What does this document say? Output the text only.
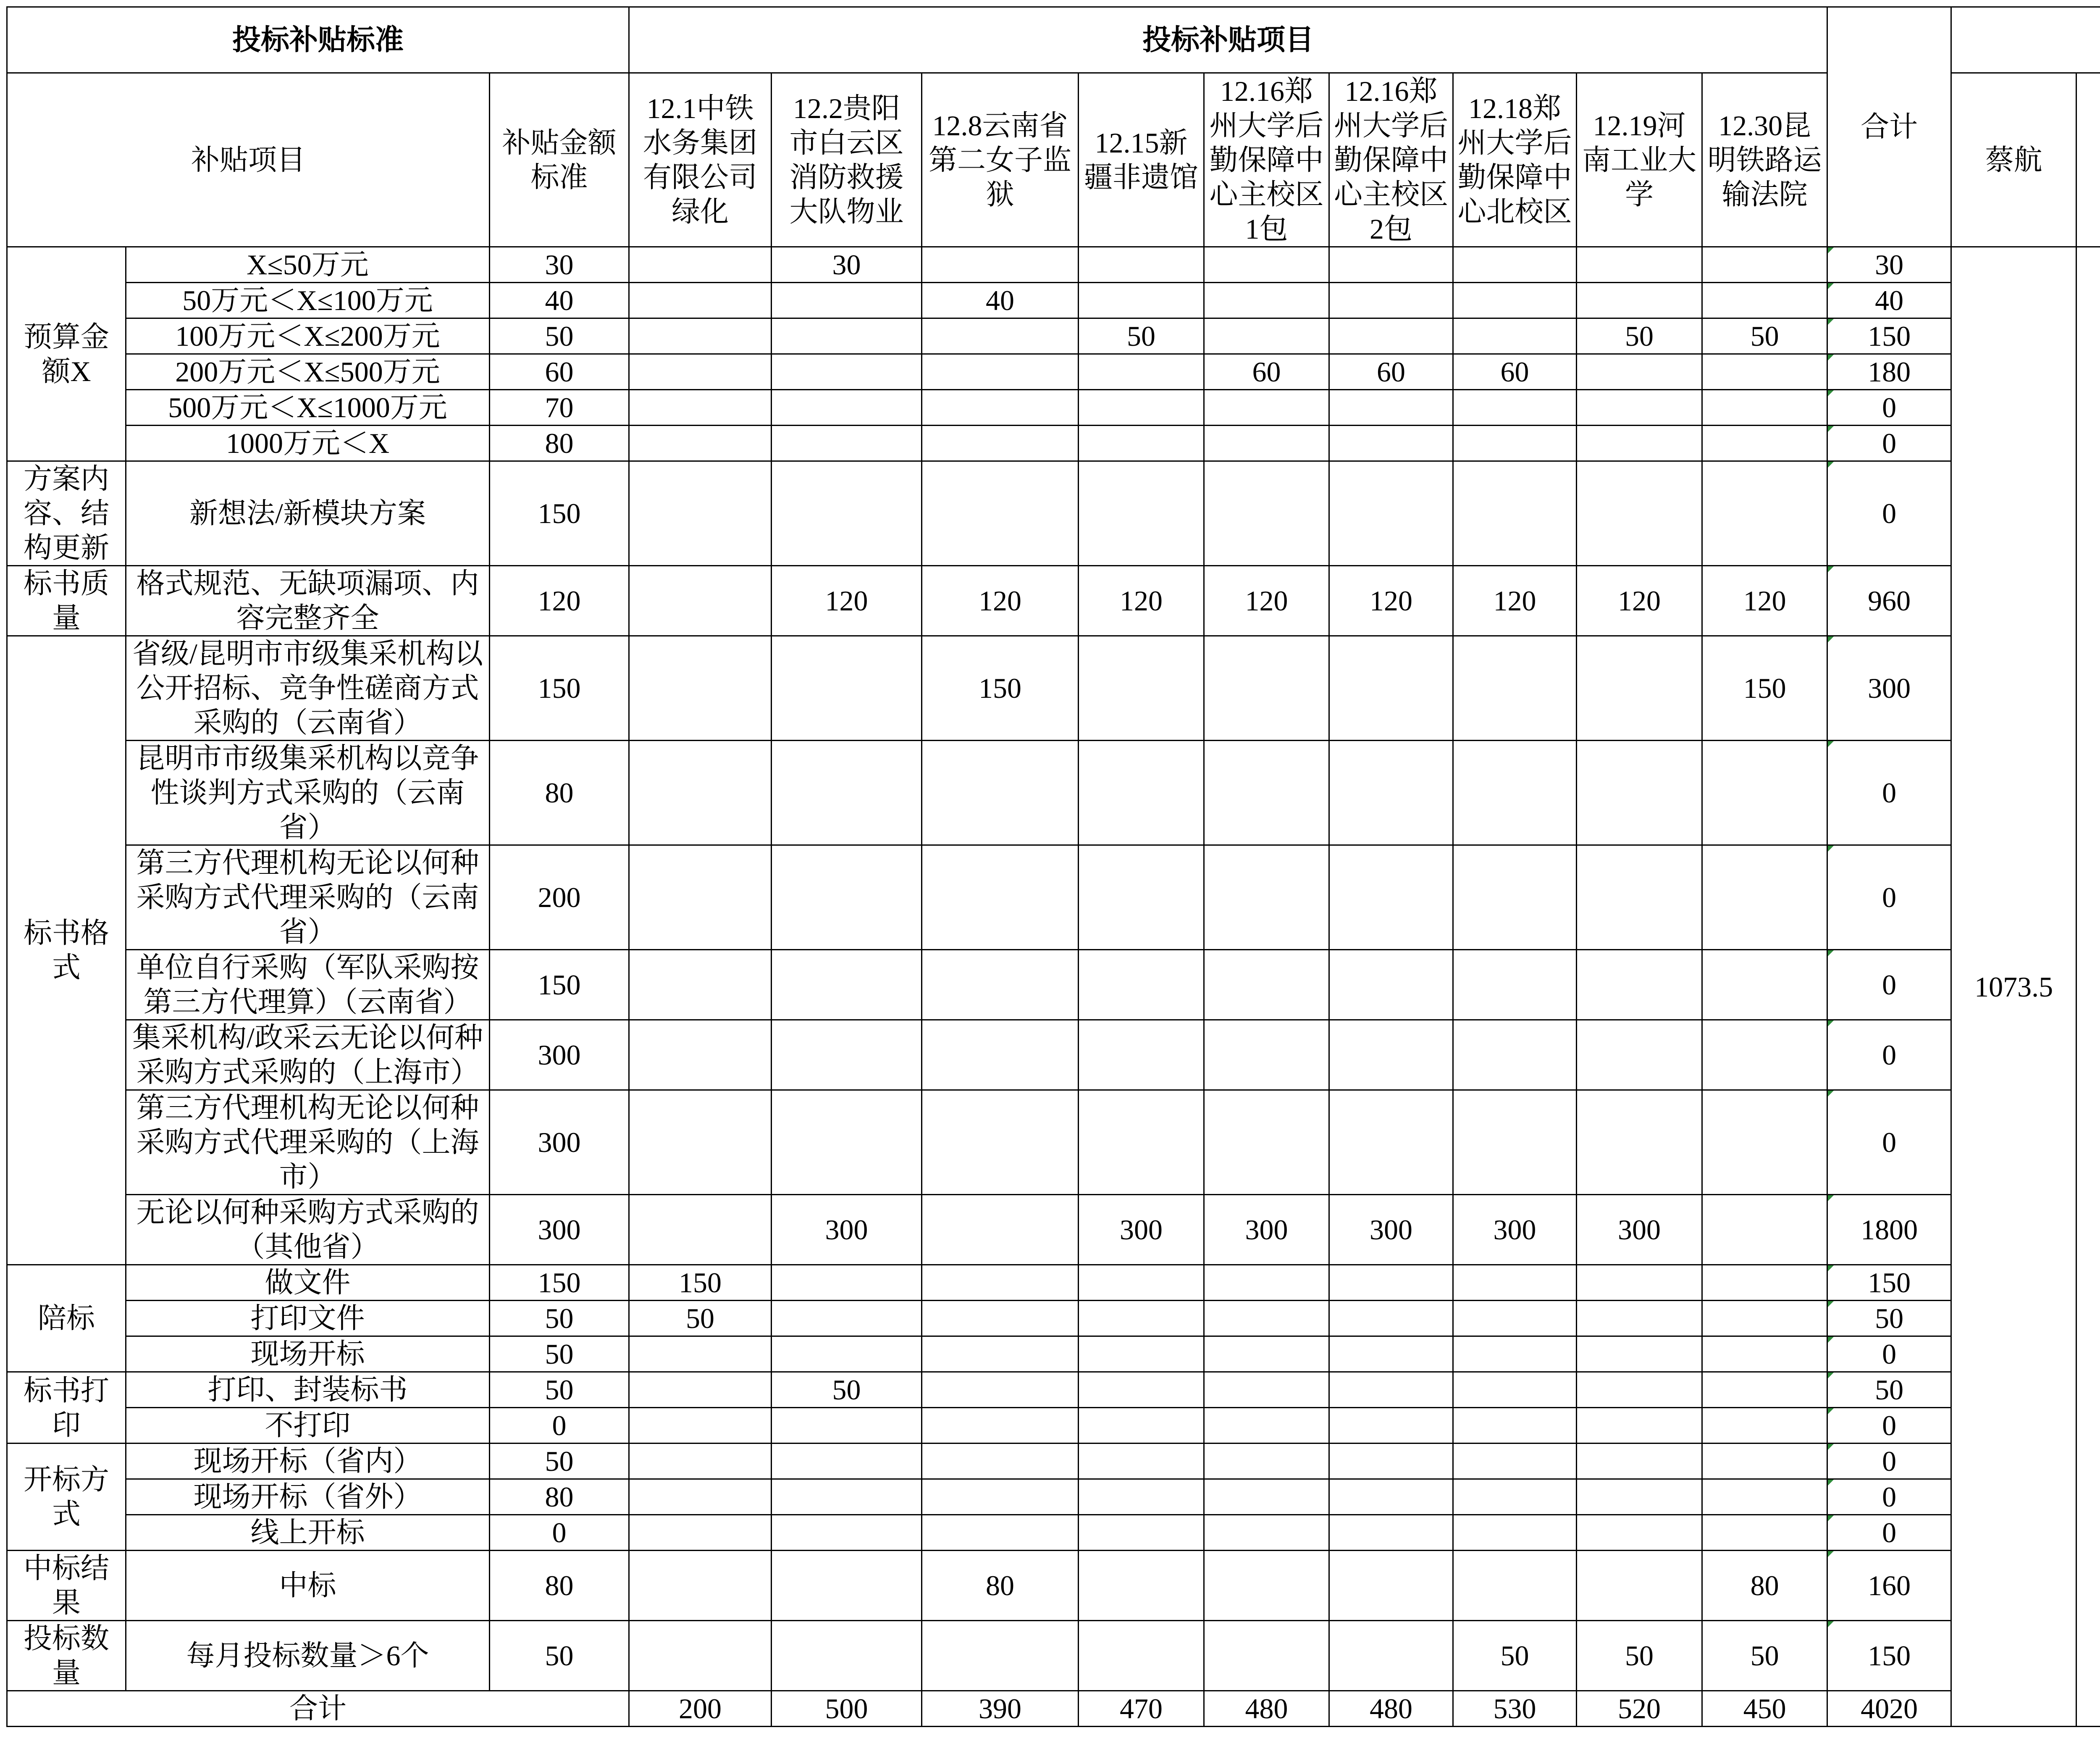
投标补贴标准			投标补贴项目									合计

补贴项目		补贴金额标准	12.1中铁水务集团有限公司绿化	12.2贵阳市白云区消防救援大队物业	12.8云南省第二女子监狱	12.15新疆非遗馆	12.16郑州大学后勤保障中心主校区1包	12.16郑州大学后勤保障中心主校区2包	12.18郑州大学后勤保障中心北校区	12.19河南工业大学	12.30昆明铁路运输法院		蔡航

预算金额X	X≤50万元	30		30								30	1073.5

	50万元＜X≤100万元	40			40							40				

	100万元＜X≤200万元	50				50				50	50	150				

	200万元＜X≤500万元	60					60	60	60			180				

	500万元＜X≤1000万元	70										0				

	1000万元＜X	80										0				

方案内容、结构更新	新想法/新模块方案	150										0				

标书质量	格式规范、无缺项漏项、内容完整齐全	120		120	120	120	120	120	120	120	120	960				

标书格式	省级/昆明市市级集采机构以公开招标、竞争性磋商方式采购的（云南省）	150			150						150	300				

	昆明市市级集采机构以竞争性谈判方式采购的（云南省）	80										0				

	第三方代理机构无论以何种采购方式代理采购的（云南省）	200										0				

	单位自行采购（军队采购按第三方代理算）（云南省）	150										0				

	集采机构/政采云无论以何种采购方式采购的（上海市）	300										0				

	第三方代理机构无论以何种采购方式代理采购的（上海市）	300										0				

	无论以何种采购方式采购的（其他省）	300		300		300	300	300	300	300		1800				

陪标	做文件	150	150									150				

	打印文件	50	50									50				

	现场开标	50										0				

标书打印	打印、封装标书	50		50								50				

	不打印	0										0				

开标方式	现场开标（省内）	50										0				

	现场开标（省外）	80										0				

	线上开标	0										0				

中标结果	中标	80			80						80	160				

投标数量	每月投标数量＞6个	50							50	50	50	150				

合计			200	500	390	470	480	480	530	520	450	4020				
